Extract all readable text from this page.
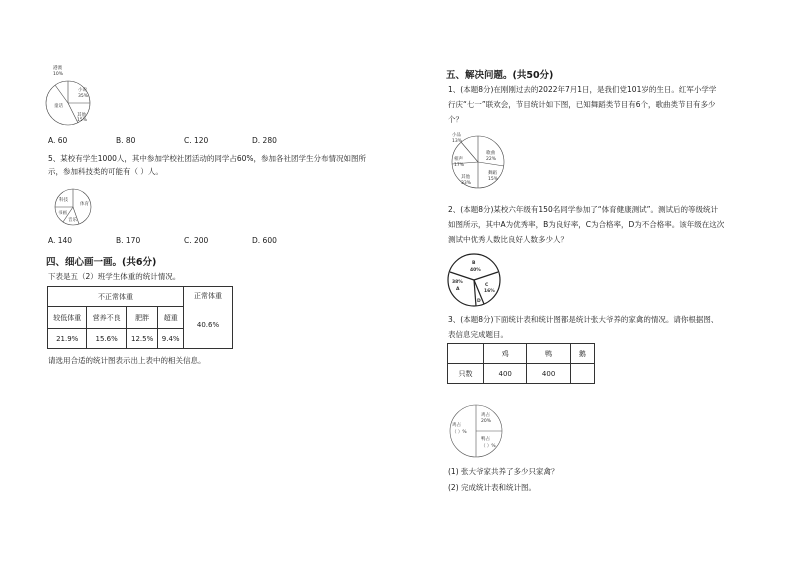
港澳
10%
小说
35%
童话
其他
15%
A. 60	B. 80	C. 120	D. 280
5、某校有学生1000人，其中参加学校社团活动的同学占60%，参加各社团学生分布情况如图所
示，参加科技类的可能有（ ）人。
科技
体育
书画
音乐
A. 140	B. 170	C. 200	D. 600
四、细心画一画。(共6分)
下表是五（2）班学生体重的统计情况。
不正常体重				正常体重
40.6%

较低体重	营养不良	肥胖	超重	
21.9%	15.6%	12.5%	9.4%	
请选用合适的统计图表示出上表中的相关信息。
五、解决问题。(共50分)
1、(本题8分)在刚刚过去的2022年7月1日，是我们党101岁的生日。红军小学学
行庆“七一”联欢会，节目统计如下图，已知舞蹈类节目有6个，歌曲类节目有多少
个？
小品
13%
歌曲
22%
相声
17%
舞蹈
15%
其他
33%
2、(本题8分)某校六年级有150名同学参加了“体育健康测试”。测试后的等级统计
如图所示，其中A为优秀率，B为良好率，C为合格率，D为不合格率。该年级在这次
测试中优秀人数比良好人数多少人？
B
40%
A
38%
C
16%
D
3、(本题8分)下面统计表和统计图都是统计张大爷养的家禽的情况。请你根据图、
表信息完成题目。
	鸡	鸭	鹅
只数	400	400	
鸡占
20%
鸡占
（ ）%
鸭占
（ ）%
(1) 张大爷家共养了多少只家禽？
(2) 完成统计表和统计图。
